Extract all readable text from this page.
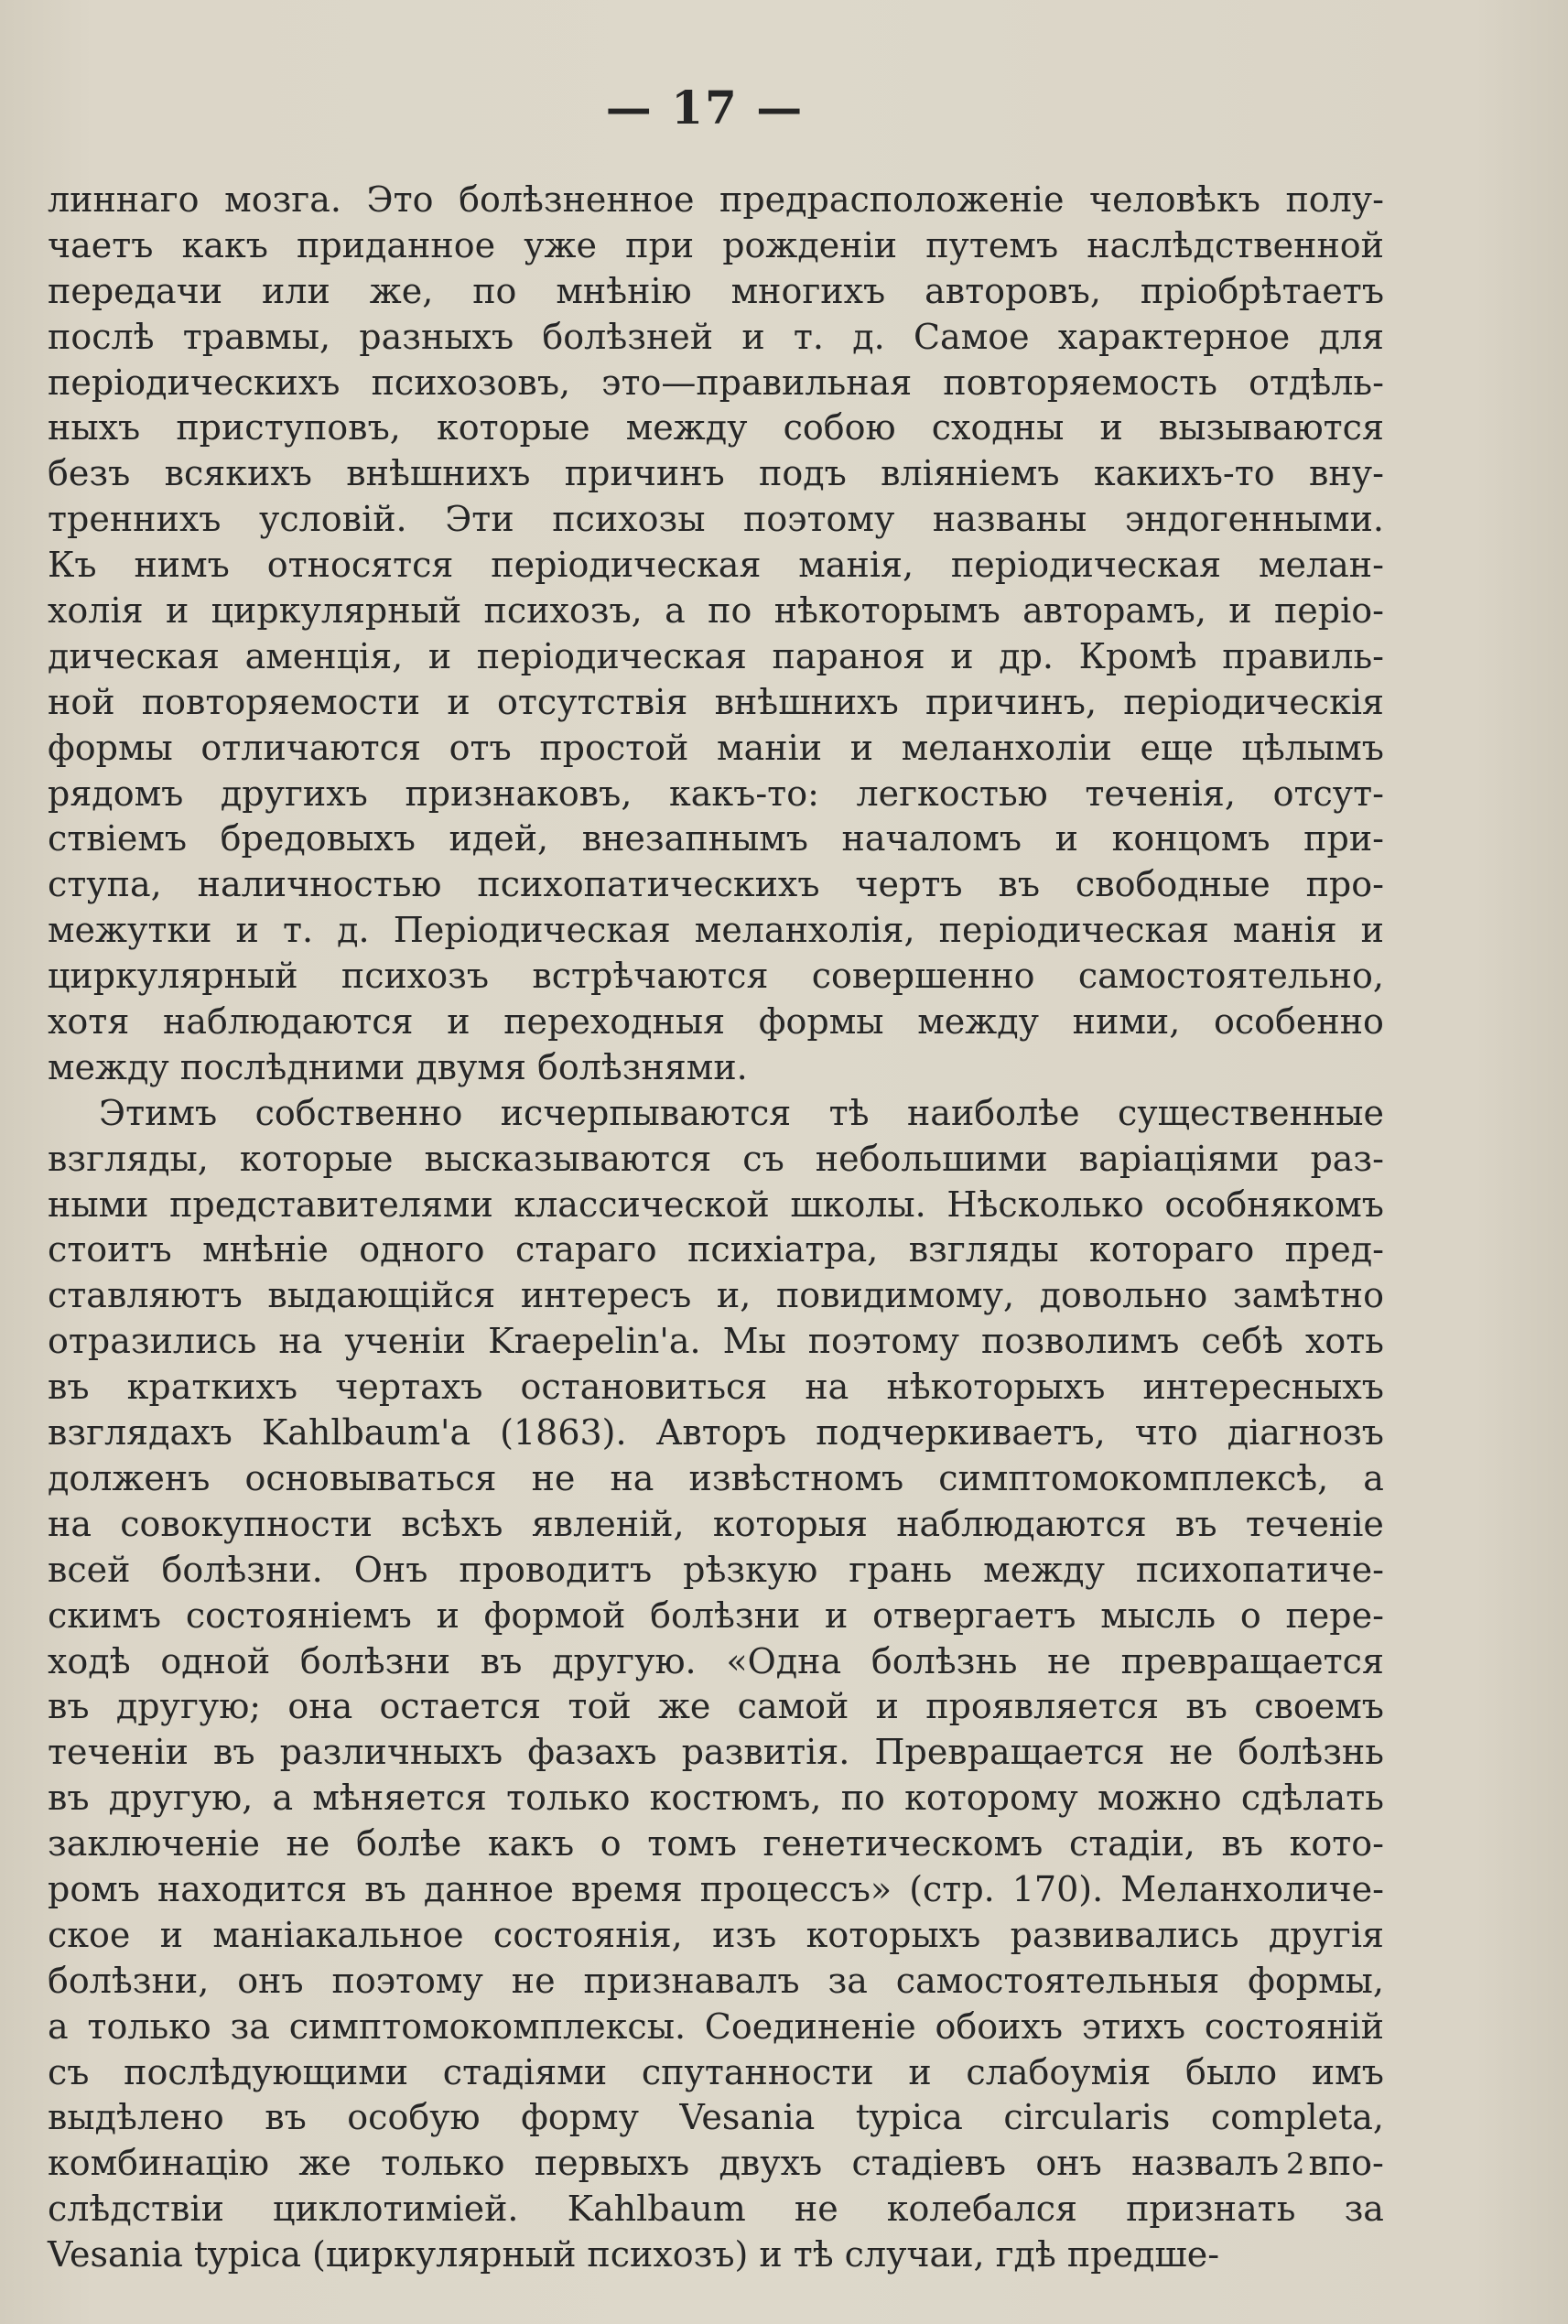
— 17 —
линнаго мозга. Это болѣзненное предрасположенiе человѣкъ полу-
чаетъ какъ приданное уже при рожденiи путемъ наслѣдственной
передачи или же, по мнѣнiю многихъ авторовъ, прiобрѣтаетъ
послѣ травмы, разныхъ болѣзней и т. д. Самое характерное для
перiодическихъ психозовъ, это—правильная повторяемость отдѣль-
ныхъ приступовъ, которые между собою сходны и вызываются
безъ всякихъ внѣшнихъ причинъ подъ влiянiемъ какихъ-то вну-
треннихъ условiй. Эти психозы поэтому названы эндогенными.
Къ нимъ относятся перiодическая манiя, перiодическая мелан-
холiя и циркулярный психозъ, а по нѣкоторымъ авторамъ, и перiо-
дическая аменцiя, и перiодическая параноя и др. Кромѣ правиль-
ной повторяемости и отсутствiя внѣшнихъ причинъ, перiодическiя
формы отличаются отъ простой манiи и меланхолiи еще цѣлымъ
рядомъ другихъ признаковъ, какъ-то: легкостью теченiя, отсут-
ствiемъ бредовыхъ идей, внезапнымъ началомъ и концомъ при-
ступа, наличностью психопатическихъ чертъ въ свободные про-
межутки и т. д. Перiодическая меланхолiя, перiодическая манiя и
циркулярный психозъ встрѣчаются совершенно самостоятельно,
хотя наблюдаются и переходныя формы между ними, особенно
между послѣдними двумя болѣзнями.
Этимъ собственно исчерпываются тѣ наиболѣе существенные
взгляды, которые высказываются съ небольшими варiацiями раз-
ными представителями классической школы. Нѣсколько особнякомъ
стоитъ мнѣнiе одного стараго психiатра, взгляды котораго пред-
ставляютъ выдающiйся интересъ и, повидимому, довольно замѣтно
отразились на ученiи Kraepelin'а. Мы поэтому позволимъ себѣ хоть
въ краткихъ чертахъ остановиться на нѣкоторыхъ интересныхъ
взглядахъ Kahlbaum'а (1863). Авторъ подчеркиваетъ, что дiагнозъ
долженъ основываться не на извѣстномъ симптомокомплексѣ, а
на совокупности всѣхъ явленiй, которыя наблюдаются въ теченiе
всей болѣзни. Онъ проводитъ рѣзкую грань между психопатиче-
скимъ состоянiемъ и формой болѣзни и отвергаетъ мысль о пере-
ходѣ одной болѣзни въ другую. «Одна болѣзнь не превращается
въ другую; она остается той же самой и проявляется въ своемъ
теченiи въ различныхъ фазахъ развитiя. Превращается не болѣзнь
въ другую, а мѣняется только костюмъ, по которому можно сдѣлать
заключенiе не болѣе какъ о томъ генетическомъ стадiи, въ кото-
ромъ находится въ данное время процессъ» (стр. 170). Меланхоличе-
ское и манiакальное состоянiя, изъ которыхъ развивались другiя
болѣзни, онъ поэтому не признавалъ за самостоятельныя формы,
а только за симптомокомплексы. Соединенiе обоихъ этихъ состоянiй
съ послѣдующими стадiями спутанности и слабоумiя было имъ
выдѣлено въ особую форму Vesania typica circularis completa,
комбинацiю же только первыхъ двухъ стадiевъ онъ назвалъ впо-
слѣдствiи циклотимiей. Kahlbaum не колебался признать за
Vesania typica (циркулярный психозъ) и тѣ случаи, гдѣ предше-
2
